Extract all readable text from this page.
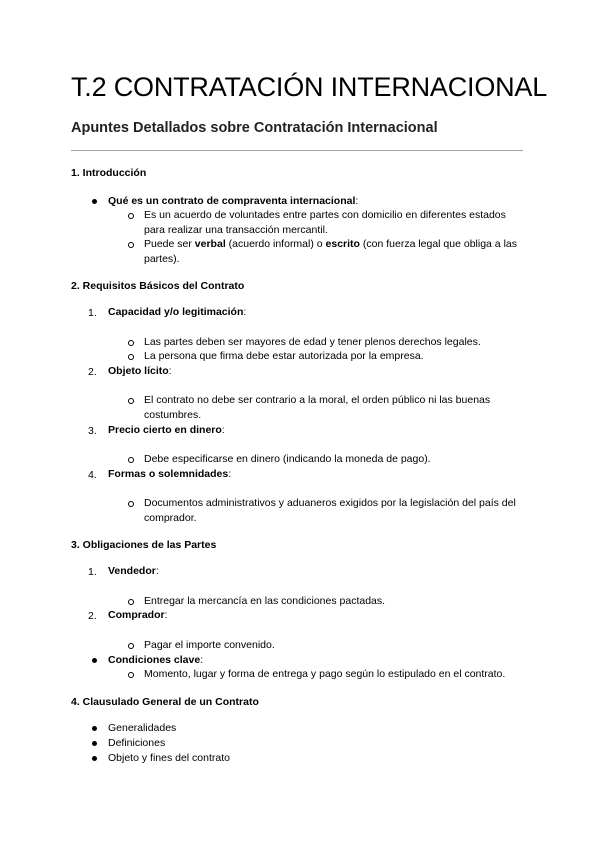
T.2 CONTRATACIÓN INTERNACIONAL
Apuntes Detallados sobre Contratación Internacional
1. Introducción
Qué es un contrato de compraventa internacional:
Es un acuerdo de voluntades entre partes con domicilio en diferentes estados para realizar una transacción mercantil.
Puede ser verbal (acuerdo informal) o escrito (con fuerza legal que obliga a las partes).
2. Requisitos Básicos del Contrato
1. Capacidad y/o legitimación:
Las partes deben ser mayores de edad y tener plenos derechos legales.
La persona que firma debe estar autorizada por la empresa.
2. Objeto lícito:
El contrato no debe ser contrario a la moral, el orden público ni las buenas costumbres.
3. Precio cierto en dinero:
Debe especificarse en dinero (indicando la moneda de pago).
4. Formas o solemnidades:
Documentos administrativos y aduaneros exigidos por la legislación del país del comprador.
3. Obligaciones de las Partes
1. Vendedor:
Entregar la mercancía en las condiciones pactadas.
2. Comprador:
Pagar el importe convenido.
Condiciones clave:
Momento, lugar y forma de entrega y pago según lo estipulado en el contrato.
4. Clausulado General de un Contrato
Generalidades
Definiciones
Objeto y fines del contrato
